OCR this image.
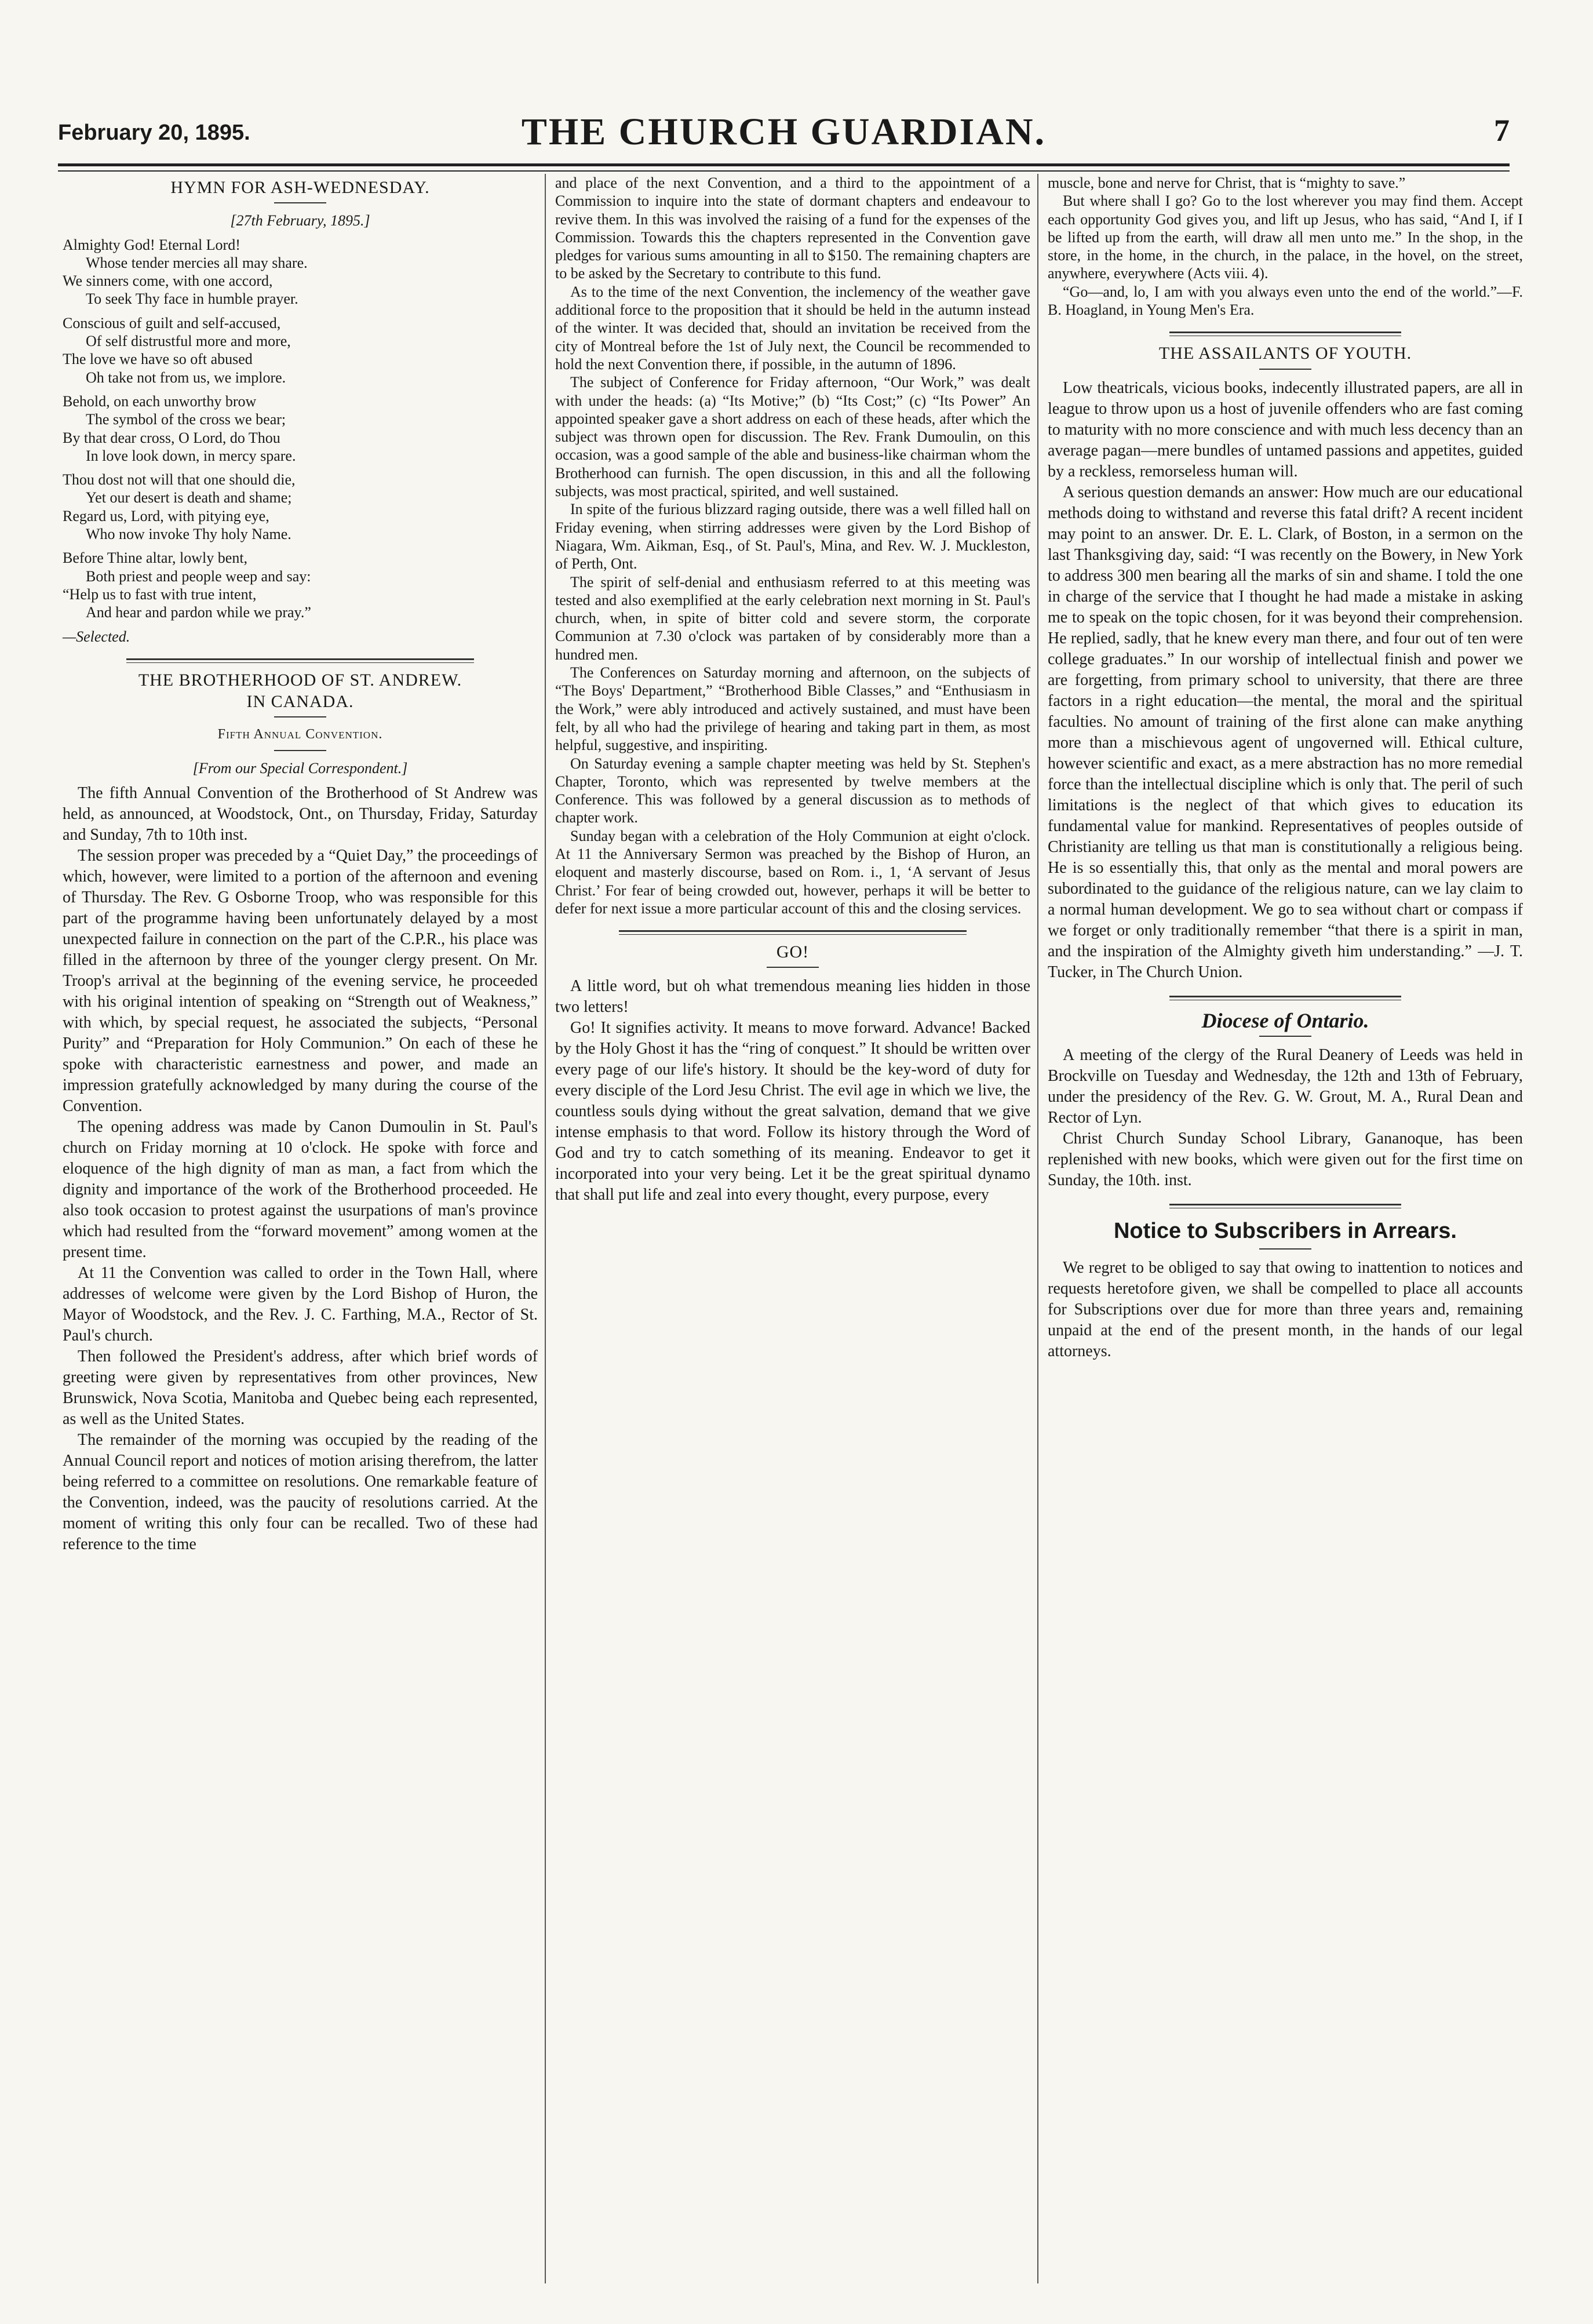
February 20, 1895.	THE CHURCH GUARDIAN.	7
HYMN FOR ASH-WEDNESDAY.
[27th February, 1895.]
Almighty God! Eternal Lord!
Whose tender mercies all may share.
We sinners come, with one accord,
To seek Thy face in humble prayer.
Conscious of guilt and self-accused,
Of self distrustful more and more,
The love we have so oft abused
Oh take not from us, we implore.
Behold, on each unworthy brow
The symbol of the cross we bear;
By that dear cross, O Lord, do Thou
In love look down, in mercy spare.
Thou dost not will that one should die,
Yet our desert is death and shame;
Regard us, Lord, with pitying eye,
Who now invoke Thy holy Name.
Before Thine altar, lowly bent,
Both priest and people weep and say:
“Help us to fast with true intent,
And hear and pardon while we pray.”
—Selected.
THE BROTHERHOOD OF ST. ANDREW.
IN CANADA.
Fifth Annual Convention.
[From our Special Correspondent.]

The fifth Annual Convention of the Brotherhood of St Andrew was held, as announced, at Woodstock, Ont., on Thursday, Friday, Saturday and Sunday, 7th to 10th inst.

The session proper was preceded by a “Quiet Day,” the proceedings of which, however, were limited to a portion of the afternoon and evening of Thursday. The Rev. G Osborne Troop, who was responsible for this part of the programme having been unfortunately delayed by a most unexpected failure in connection on the part of the C.P.R., his place was filled in the afternoon by three of the younger clergy present. On Mr. Troop's arrival at the beginning of the evening service, he proceeded with his original intention of speaking on “Strength out of Weakness,” with which, by special request, he associated the subjects, “Personal Purity” and “Preparation for Holy Communion.” On each of these he spoke with characteristic earnestness and power, and made an impression gratefully acknowledged by many during the course of the Convention.

The opening address was made by Canon Dumoulin in St. Paul's church on Friday morning at 10 o'clock. He spoke with force and eloquence of the high dignity of man as man, a fact from which the dignity and importance of the work of the Brotherhood proceeded. He also took occasion to protest against the usurpations of man's province which had resulted from the “forward movement” among women at the present time.

At 11 the Convention was called to order in the Town Hall, where addresses of welcome were given by the Lord Bishop of Huron, the Mayor of Woodstock, and the Rev. J. C. Farthing, M.A., Rector of St. Paul's church.

Then followed the President's address, after which brief words of greeting were given by representatives from other provinces, New Brunswick, Nova Scotia, Manitoba and Quebec being each represented, as well as the United States.

The remainder of the morning was occupied by the reading of the Annual Council report and notices of motion arising therefrom, the latter being referred to a committee on resolutions. One remarkable feature of the Convention, indeed, was the paucity of resolutions carried. At the moment of writing this only four can be recalled. Two of these had reference to the time

and place of the next Convention, and a third to the appointment of a Commission to inquire into the state of dormant chapters and endeavour to revive them. In this was involved the raising of a fund for the expenses of the Commission. Towards this the chapters represented in the Convention gave pledges for various sums amounting in all to $150. The remaining chapters are to be asked by the Secretary to contribute to this fund.

As to the time of the next Convention, the inclemency of the weather gave additional force to the proposition that it should be held in the autumn instead of the winter. It was decided that, should an invitation be received from the city of Montreal before the 1st of July next, the Council be recommended to hold the next Convention there, if possible, in the autumn of 1896.

The subject of Conference for Friday afternoon, “Our Work,” was dealt with under the heads: (a) “Its Motive;” (b) “Its Cost;” (c) “Its Power” An appointed speaker gave a short address on each of these heads, after which the subject was thrown open for discussion. The Rev. Frank Dumoulin, on this occasion, was a good sample of the able and business-like chairman whom the Brotherhood can furnish. The open discussion, in this and all the following subjects, was most practical, spirited, and well sustained.

In spite of the furious blizzard raging outside, there was a well filled hall on Friday evening, when stirring addresses were given by the Lord Bishop of Niagara, Wm. Aikman, Esq., of St. Paul's, Mina, and Rev. W. J. Muckleston, of Perth, Ont.

The spirit of self-denial and enthusiasm referred to at this meeting was tested and also exemplified at the early celebration next morning in St. Paul's church, when, in spite of bitter cold and severe storm, the corporate Communion at 7.30 o'clock was partaken of by considerably more than a hundred men.

The Conferences on Saturday morning and afternoon, on the subjects of “The Boys' Department,” “Brotherhood Bible Classes,” and “Enthusiasm in the Work,” were ably introduced and actively sustained, and must have been felt, by all who had the privilege of hearing and taking part in them, as most helpful, suggestive, and inspiriting.

On Saturday evening a sample chapter meeting was held by St. Stephen's Chapter, Toronto, which was represented by twelve members at the Conference. This was followed by a general discussion as to methods of chapter work.

Sunday began with a celebration of the Holy Communion at eight o'clock. At 11 the Anniversary Sermon was preached by the Bishop of Huron, an eloquent and masterly discourse, based on Rom. i., 1, ‘A servant of Jesus Christ.’ For fear of being crowded out, however, perhaps it will be better to defer for next issue a more particular account of this and the closing services.

GO!

A little word, but oh what tremendous meaning lies hidden in those two letters!

Go! It signifies activity. It means to move forward. Advance! Backed by the Holy Ghost it has the “ring of conquest.” It should be written over every page of our life's history. It should be the key-word of duty for every disciple of the Lord Jesu Christ. The evil age in which we live, the countless souls dying without the great salvation, demand that we give intense emphasis to that word. Follow its history through the Word of God and try to catch something of its meaning. Endeavor to get it incorporated into your very being. Let it be the great spiritual dynamo that shall put life and zeal into every thought, every purpose, every

muscle, bone and nerve for Christ, that is “mighty to save.”

But where shall I go? Go to the lost wherever you may find them. Accept each opportunity God gives you, and lift up Jesus, who has said, “And I, if I be lifted up from the earth, will draw all men unto me.” In the shop, in the store, in the home, in the church, in the palace, in the hovel, on the street, anywhere, everywhere (Acts viii. 4).

“Go—and, lo, I am with you always even unto the end of the world.”—F. B. Hoagland, in Young Men's Era.

THE ASSAILANTS OF YOUTH.

Low theatricals, vicious books, indecently illustrated papers, are all in league to throw upon us a host of juvenile offenders who are fast coming to maturity with no more conscience and with much less decency than an average pagan—mere bundles of untamed passions and appetites, guided by a reckless, remorseless human will.

A serious question demands an answer: How much are our educational methods doing to withstand and reverse this fatal drift? A recent incident may point to an answer. Dr. E. L. Clark, of Boston, in a sermon on the last Thanksgiving day, said: “I was recently on the Bowery, in New York to address 300 men bearing all the marks of sin and shame. I told the one in charge of the service that I thought he had made a mistake in asking me to speak on the topic chosen, for it was beyond their comprehension. He replied, sadly, that he knew every man there, and four out of ten were college graduates.” In our worship of intellectual finish and power we are forgetting, from primary school to university, that there are three factors in a right education—the mental, the moral and the spiritual faculties. No amount of training of the first alone can make anything more than a mischievous agent of ungoverned will. Ethical culture, however scientific and exact, as a mere abstraction has no more remedial force than the intellectual discipline which is only that. The peril of such limitations is the neglect of that which gives to education its fundamental value for mankind. Representatives of peoples outside of Christianity are telling us that man is constitutionally a religious being. He is so essentially this, that only as the mental and moral powers are subordinated to the guidance of the religious nature, can we lay claim to a normal human development. We go to sea without chart or compass if we forget or only traditionally remember “that there is a spirit in man, and the inspiration of the Almighty giveth him understanding.” —J. T. Tucker, in The Church Union.

Diocese of Ontario.

A meeting of the clergy of the Rural Deanery of Leeds was held in Brockville on Tuesday and Wednesday, the 12th and 13th of February, under the presidency of the Rev. G. W. Grout, M. A., Rural Dean and Rector of Lyn.

Christ Church Sunday School Library, Gananoque, has been replenished with new books, which were given out for the first time on Sunday, the 10th. inst.

Notice to Subscribers in Arrears.

We regret to be obliged to say that owing to inattention to notices and requests heretofore given, we shall be compelled to place all accounts for Subscriptions over due for more than three years and, remaining unpaid at the end of the present month, in the hands of our legal attorneys.
